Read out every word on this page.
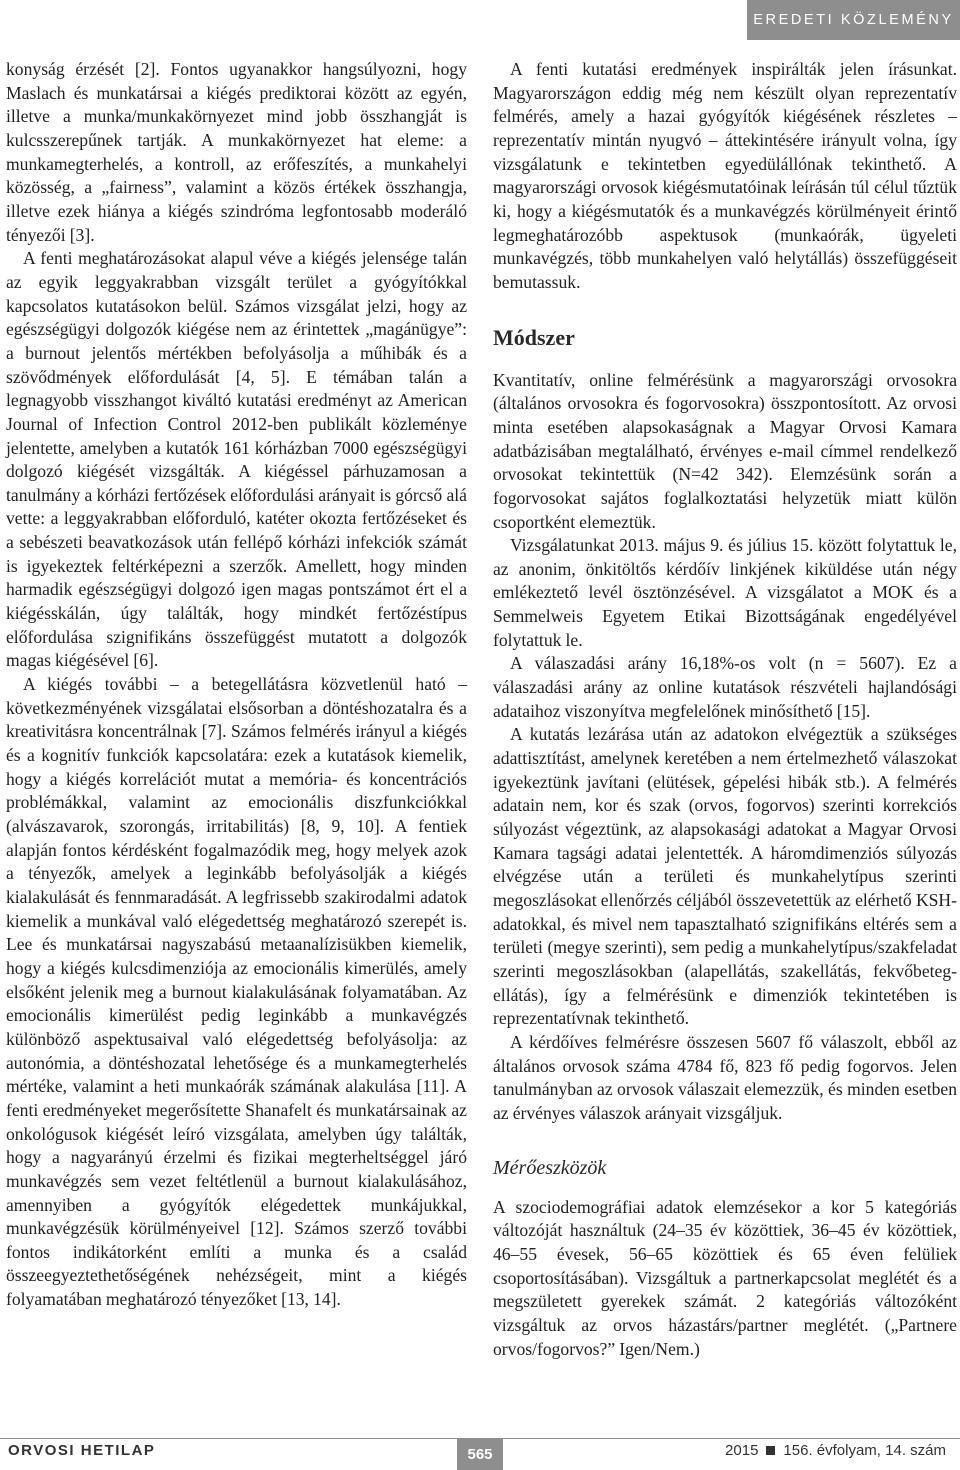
EREDETI KÖZLEMÉNY

konyság érzését [2]. Fontos ugyanakkor hangsúlyozni, hogy Maslach és munkatársai a kiégés prediktorai között az egyén, illetve a munka/munkakörnyezet mind jobb összhangját is kulcsszerepűnek tartják. A munkakörnyezet hat eleme: a munkamegterhelés, a kontroll, az erőfeszítés, a munkahelyi közösség, a „fairness”, valamint a közös értékek összhangja, illetve ezek hiánya a kiégés szindróma legfontosabb moderáló tényezői [3].

A fenti meghatározásokat alapul véve a kiégés jelensége talán az egyik leggyakrabban vizsgált terület a gyógyítókkal kapcsolatos kutatásokon belül. Számos vizsgálat jelzi, hogy az egészségügyi dolgozók kiégése nem az érintettek „magánügye”: a burnout jelentős mértékben befolyásolja a műhibák és a szövődmények előfordulását [4, 5]. E témában talán a legnagyobb visszhangot kiváltó kutatási eredményt az American Journal of Infection Control 2012-ben publikált közleménye jelentette, amelyben a kutatók 161 kórházban 7000 egészségügyi dolgozó kiégését vizsgálták. A kiégéssel párhuzamosan a tanulmány a kórházi fertőzések előfordulási arányait is górcső alá vette: a leggyakrabban előforduló, katéter okozta fertőzéseket és a sebészeti beavatkozások után fellépő kórházi infekciók számát is igyekeztek feltérképezni a szerzők. Amellett, hogy minden harmadik egészségügyi dolgozó igen magas pontszámot ért el a kiégésskálán, úgy találták, hogy mindkét fertőzéstípus előfordulása szignifikáns összefüggést mutatott a dolgozók magas kiégésével [6].

A kiégés további – a betegellátásra közvetlenül ható – következményének vizsgálatai elsősorban a döntéshozatalra és a kreativitásra koncentrálnak [7]. Számos felmérés irányul a kiégés és a kognitív funkciók kapcsolatára: ezek a kutatások kiemelik, hogy a kiégés korrelációt mutat a memória- és koncentrációs problémákkal, valamint az emocionális diszfunkciókkal (alvászavarok, szorongás, irritabilitás) [8, 9, 10]. A fentiek alapján fontos kérdésként fogalmazódik meg, hogy melyek azok a tényezők, amelyek a leginkább befolyásolják a kiégés kialakulását és fennmaradását. A legfrissebb szakirodalmi adatok kiemelik a munkával való elégedettség meghatározó szerepét is. Lee és munkatársai nagyszabású metaanalízisükben kiemelik, hogy a kiégés kulcsdimenziója az emocionális kimerülés, amely elsőként jelenik meg a burnout kialakulásának folyamatában. Az emocionális kimerülést pedig leginkább a munkavégzés különböző aspektusaival való elégedettség befolyásolja: az autonómia, a döntéshozatal lehetősége és a munkamegterhelés mértéke, valamint a heti munkaórák számának alakulása [11]. A fenti eredményeket megerősítette Shanafelt és munkatársainak az onkológusok kiégését leíró vizsgálata, amelyben úgy találták, hogy a nagyarányú érzelmi és fizikai megterheltséggel járó munkavégzés sem vezet feltétlenül a burnout kialakulásához, amennyiben a gyógyítók elégedettek munkájukkal, munkavégzésük körülményeivel [12]. Számos szerző további fontos indikátorként említi a munka és a család összeegyeztethetőségének nehézségeit, mint a kiégés folyamatában meghatározó tényezőket [13, 14].

A fenti kutatási eredmények inspirálták jelen írásunkat. Magyarországon eddig még nem készült olyan reprezentatív felmérés, amely a hazai gyógyítók kiégésének részletes – reprezentatív mintán nyugvó – áttekintésére irányult volna, így vizsgálatunk e tekintetben egyedülállónak tekinthető. A magyarországi orvosok kiégésmutatóinak leírásán túl célul tűztük ki, hogy a kiégésmutatók és a munkavégzés körülményeit érintő legmeghatározóbb aspektusok (munkaórák, ügyeleti munkavégzés, több munkahelyen való helytállás) összefüggéseit bemutassuk.

Módszer

Kvantitatív, online felmérésünk a magyarországi orvosokra (általános orvosokra és fogorvosokra) összpontosított. Az orvosi minta esetében alapsokaságnak a Magyar Orvosi Kamara adatbázisában megtalálható, érvényes e-mail címmel rendelkező orvosokat tekintettük (N=42 342). Elemzésünk során a fogorvosokat sajátos foglalkoztatási helyzetük miatt külön csoportként elemeztük.

Vizsgálatunkat 2013. május 9. és július 15. között folytattuk le, az anonim, önkitöltős kérdőív linkjének kiküldése után négy emlékeztető levél ösztönzésével. A vizsgálatot a MOK és a Semmelweis Egyetem Etikai Bizottságának engedélyével folytattuk le.

A válaszadási arány 16,18%-os volt (n = 5607). Ez a válaszadási arány az online kutatások részvételi hajlandósági adataihoz viszonyítva megfelelőnek minősíthető [15].

A kutatás lezárása után az adatokon elvégeztük a szükséges adattisztítást, amelynek keretében a nem értelmezhető válaszokat igyekeztünk javítani (elütések, gépelési hibák stb.). A felmérés adatain nem, kor és szak (orvos, fogorvos) szerinti korrekciós súlyozást végeztünk, az alapsokasági adatokat a Magyar Orvosi Kamara tagsági adatai jelentették. A háromdimenziós súlyozás elvégzése után a területi és munkahelytípus szerinti megoszlásokat ellenőrzés céljából összevetettük az elérhető KSH-adatokkal, és mivel nem tapasztalható szignifikáns eltérés sem a területi (megye szerinti), sem pedig a munkahelytípus/szakfeladat szerinti megoszlásokban (alapellátás, szakellátás, fekvőbeteg-ellátás), így a felmérésünk e dimenziók tekintetében is reprezentatívnak tekinthető.

A kérdőíves felmérésre összesen 5607 fő válaszolt, ebből az általános orvosok száma 4784 fő, 823 fő pedig fogorvos. Jelen tanulmányban az orvosok válaszait elemezzük, és minden esetben az érvényes válaszok arányait vizsgáljuk.

Mérőeszközök

A szociodemográfiai adatok elemzésekor a kor 5 kategóriás változóját használtuk (24–35 év közöttiek, 36–45 év közöttiek, 46–55 évesek, 56–65 közöttiek és 65 éven felüliek csoportosításában). Vizsgáltuk a partnerkapcsolat meglétét és a megszületett gyerekek számát. 2 kategóriás változóként vizsgáltuk az orvos házastárs/partner meglétét. („Partnere orvos/fogorvos?” Igen/Nem.)

ORVOSI HETILAP	565	2015 156. évfolyam, 14. szám
